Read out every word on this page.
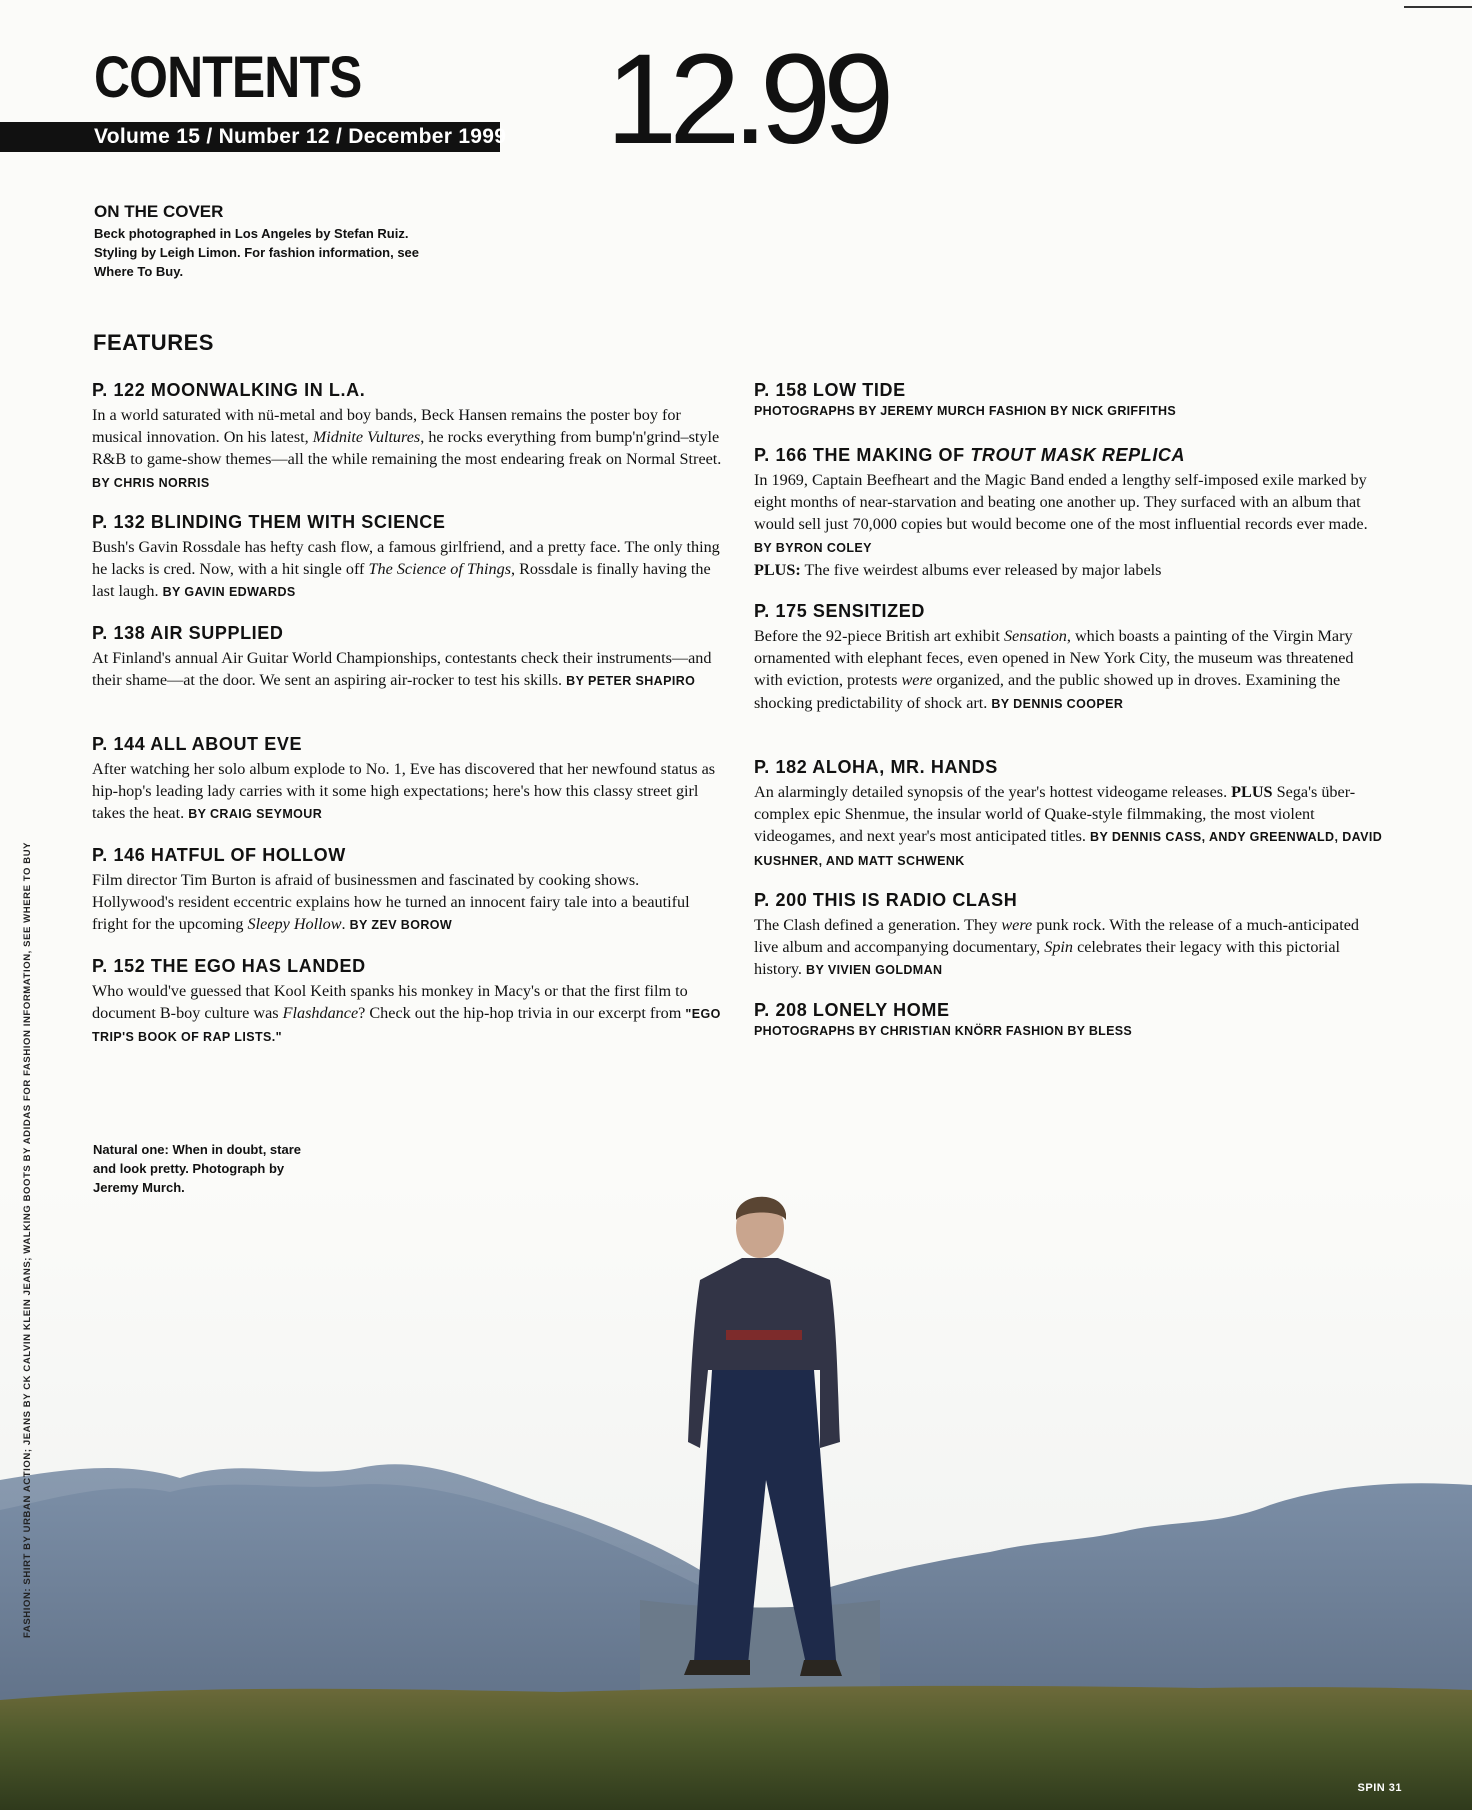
CONTENTS
Volume 15 / Number 12 / December 1999 12.99
ON THE COVER
Beck photographed in Los Angeles by Stefan Ruiz. Styling by Leigh Limon. For fashion information, see Where To Buy.
FEATURES
P. 122 MOONWALKING IN L.A.
In a world saturated with nü-metal and boy bands, Beck Hansen remains the poster boy for musical innovation. On his latest, Midnite Vultures, he rocks everything from bump'n'grind–style R&B to game-show themes—all the while remaining the most endearing freak on Normal Street. BY CHRIS NORRIS
P. 132 BLINDING THEM WITH SCIENCE
Bush's Gavin Rossdale has hefty cash flow, a famous girlfriend, and a pretty face. The only thing he lacks is cred. Now, with a hit single off The Science of Things, Rossdale is finally having the last laugh. BY GAVIN EDWARDS
P. 138 AIR SUPPLIED
At Finland's annual Air Guitar World Championships, contestants check their instruments—and their shame—at the door. We sent an aspiring air-rocker to test his skills. BY PETER SHAPIRO
P. 144 ALL ABOUT EVE
After watching her solo album explode to No. 1, Eve has discovered that her newfound status as hip-hop's leading lady carries with it some high expectations; here's how this classy street girl takes the heat. BY CRAIG SEYMOUR
P. 146 HATFUL OF HOLLOW
Film director Tim Burton is afraid of businessmen and fascinated by cooking shows. Hollywood's resident eccentric explains how he turned an innocent fairy tale into a beautiful fright for the upcoming Sleepy Hollow. BY ZEV BOROW
P. 152 THE EGO HAS LANDED
Who would've guessed that Kool Keith spanks his monkey in Macy's or that the first film to document B-boy culture was Flashdance? Check out the hip-hop trivia in our excerpt from "EGO TRIP'S BOOK OF RAP LISTS."
P. 158 LOW TIDE
PHOTOGRAPHS BY JEREMY MURCH FASHION BY NICK GRIFFITHS
P. 166 THE MAKING OF TROUT MASK REPLICA
In 1969, Captain Beefheart and the Magic Band ended a lengthy self-imposed exile marked by eight months of near-starvation and beating one another up. They surfaced with an album that would sell just 70,000 copies but would become one of the most influential records ever made. BY BYRON COLEY
PLUS: The five weirdest albums ever released by major labels
P. 175 SENSITIZED
Before the 92-piece British art exhibit Sensation, which boasts a painting of the Virgin Mary ornamented with elephant feces, even opened in New York City, the museum was threatened with eviction, protests were organized, and the public showed up in droves. Examining the shocking predictability of shock art. BY DENNIS COOPER
P. 182 ALOHA, MR. HANDS
An alarmingly detailed synopsis of the year's hottest videogame releases. PLUS Sega's über-complex epic Shenmue, the insular world of Quake-style filmmaking, the most violent videogames, and next year's most anticipated titles. BY DENNIS CASS, ANDY GREENWALD, DAVID KUSHNER, AND MATT SCHWENK
P. 200 THIS IS RADIO CLASH
The Clash defined a generation. They were punk rock. With the release of a much-anticipated live album and accompanying documentary, Spin celebrates their legacy with this pictorial history. BY VIVIEN GOLDMAN
P. 208 LONELY HOME
PHOTOGRAPHS BY CHRISTIAN KNÖRR FASHION BY BLESS
Natural one: When in doubt, stare and look pretty. Photograph by Jeremy Murch.
FASHION: SHIRT BY URBAN ACTION; JEANS BY CK CALVIN KLEIN JEANS; WALKING BOOTS BY ADIDAS FOR FASHION INFORMATION, SEE WHERE TO BUY
SPIN 31
